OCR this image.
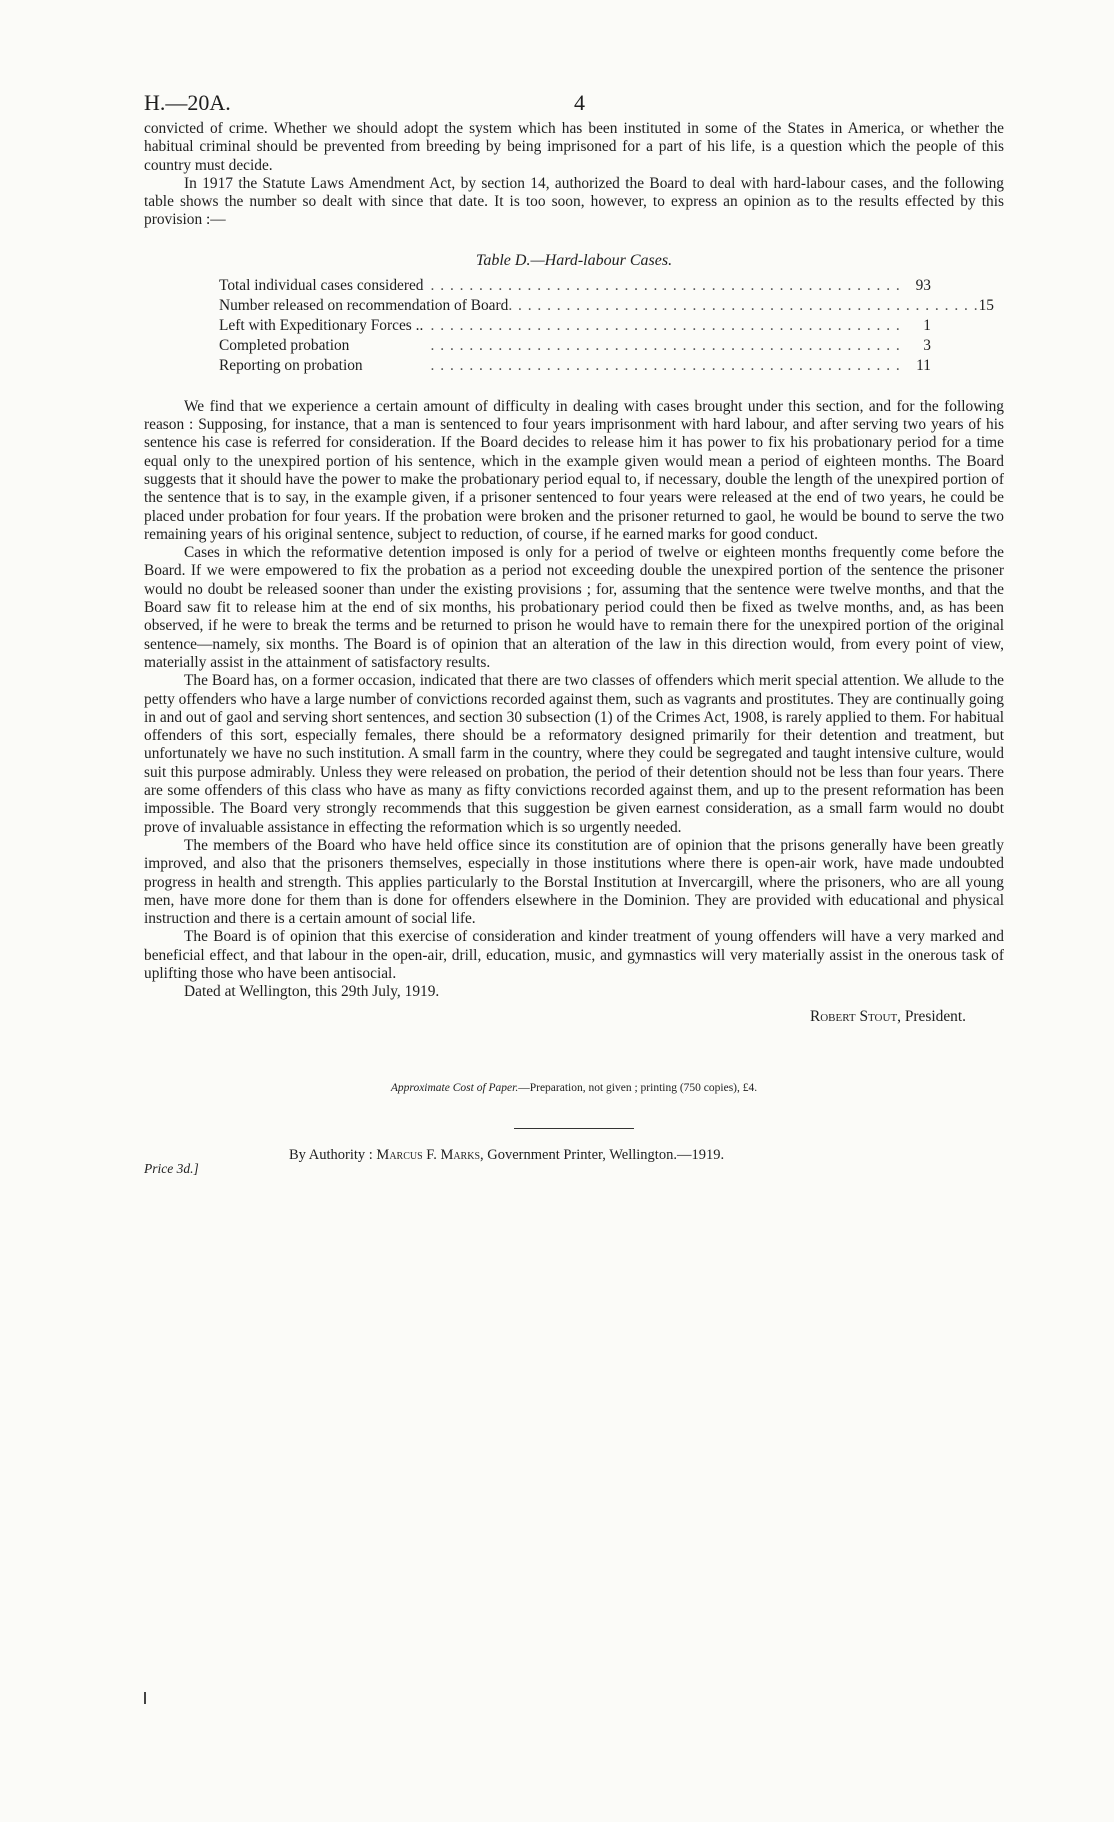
H.—20A.	4

convicted of crime. Whether we should adopt the system which has been instituted in some of the States in America, or whether the habitual criminal should be prevented from breeding by being imprisoned for a part of his life, is a question which the people of this country must decide.

In 1917 the Statute Laws Amendment Act, by section 14, authorized the Board to deal with hard-labour cases, and the following table shows the number so dealt with since that date. It is too soon, however, to express an opinion as to the results effected by this provision :—

Table D.—Hard-labour Cases.
Total individual cases considered . . . . . . . . . . . . . . . . . . . . . . . . . . . . . . . . . . . . . . . . . . . . . . . . . 93
Number released on recommendation of Board . . . . . . . . . . . . . . . . . . . . . . . . . . . . . . . . . . . . . . . . . . . . . . . . . 15
Left with Expeditionary Forces .. . . . . . . . . . . . . . . . . . . . . . . . . . . . . . . . . . . . . . . . . . . . . . . . . .	1
Completed probation	. . . . . . . . . . . . . . . . . . . . . . . . . . . . . . . . . . . . . . . . . . . . . . . . .	3
Reporting on probation	. . . . . . . . . . . . . . . . . . . . . . . . . . . . . . . . . . . . . . . . . . . . . . . . . 11

We find that we experience a certain amount of difficulty in dealing with cases brought under this section, and for the following reason : Supposing, for instance, that a man is sentenced to four years imprisonment with hard labour, and after serving two years of his sentence his case is referred for consideration. If the Board decides to release him it has power to fix his probationary period for a time equal only to the unexpired portion of his sentence, which in the example given would mean a period of eighteen months. The Board suggests that it should have the power to make the probationary period equal to, if necessary, double the length of the unexpired portion of the sentence that is to say, in the example given, if a prisoner sentenced to four years were released at the end of two years, he could be placed under probation for four years. If the probation were broken and the prisoner returned to gaol, he would be bound to serve the two remaining years of his original sentence, subject to reduction, of course, if he earned marks for good conduct.

Cases in which the reformative detention imposed is only for a period of twelve or eighteen months frequently come before the Board. If we were empowered to fix the probation as a period not exceeding double the unexpired portion of the sentence the prisoner would no doubt be released sooner than under the existing provisions ; for, assuming that the sentence were twelve months, and that the Board saw fit to release him at the end of six months, his probationary period could then be fixed as twelve months, and, as has been observed, if he were to break the terms and be returned to prison he would have to remain there for the unexpired portion of the original sentence—namely, six months. The Board is of opinion that an alteration of the law in this direction would, from every point of view, materially assist in the attainment of satisfactory results.

The Board has, on a former occasion, indicated that there are two classes of offenders which merit special attention. We allude to the petty offenders who have a large number of convictions recorded against them, such as vagrants and prostitutes. They are continually going in and out of gaol and serving short sentences, and section 30 subsection (1) of the Crimes Act, 1908, is rarely applied to them. For habitual offenders of this sort, especially females, there should be a reformatory designed primarily for their detention and treatment, but unfortunately we have no such institution. A small farm in the country, where they could be segregated and taught intensive culture, would suit this purpose admirably. Unless they were released on probation, the period of their detention should not be less than four years. There are some offenders of this class who have as many as fifty convictions recorded against them, and up to the present reformation has been impossible. The Board very strongly recommends that this suggestion be given earnest consideration, as a small farm would no doubt prove of invaluable assistance in effecting the reformation which is so urgently needed.

The members of the Board who have held office since its constitution are of opinion that the prisons generally have been greatly improved, and also that the prisoners themselves, especially in those institutions where there is open-air work, have made undoubted progress in health and strength. This applies particularly to the Borstal Institution at Invercargill, where the prisoners, who are all young men, have more done for them than is done for offenders elsewhere in the Dominion. They are provided with educational and physical instruction and there is a certain amount of social life.

The Board is of opinion that this exercise of consideration and kinder treatment of young offenders will have a very marked and beneficial effect, and that labour in the open-air, drill, education, music, and gymnastics will very materially assist in the onerous task of uplifting those who have been antisocial.

Dated at Wellington, this 29th July, 1919.

Robert Stout, President.
Approximate Cost of Paper.—Preparation, not given ; printing (750 copies), £4.
Price 3d.]
By Authority : Marcus F. Marks, Government Printer, Wellington.—1919.
